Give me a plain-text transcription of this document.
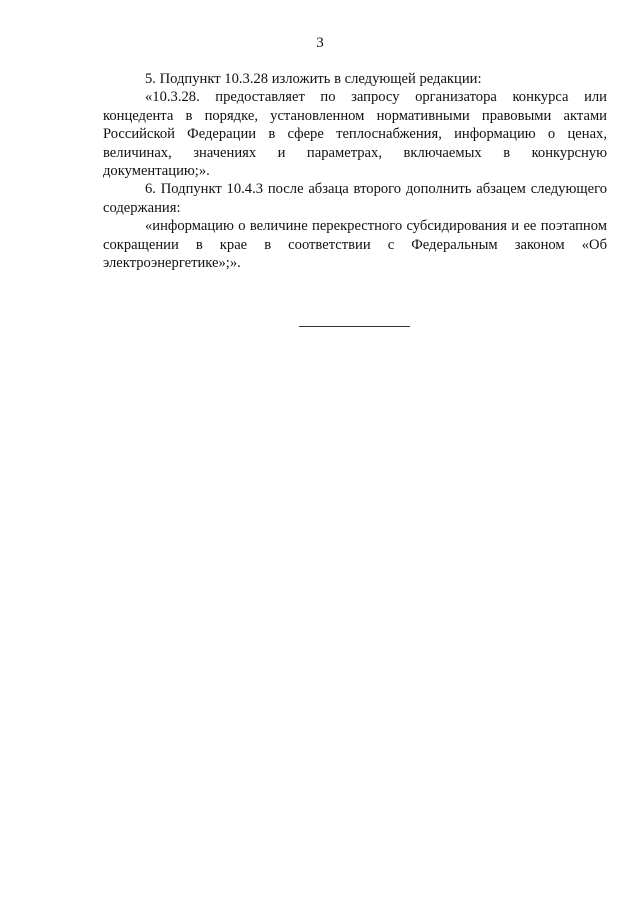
3

5. Подпункт 10.3.28 изложить в следующей редакции:

«10.3.28. предоставляет по запросу организатора конкурса или концедента в порядке, установленном нормативными правовыми актами Российской Федерации в сфере теплоснабжения, информацию о ценах, величинах, значениях и параметрах, включаемых в конкурсную документацию;».

6. Подпункт 10.4.3 после абзаца второго дополнить абзацем следующего содержания:

«информацию о величине перекрестного субсидирования и ее поэтапном сокращении в крае в соответствии с Федеральным законом «Об электроэнергетике»;».
